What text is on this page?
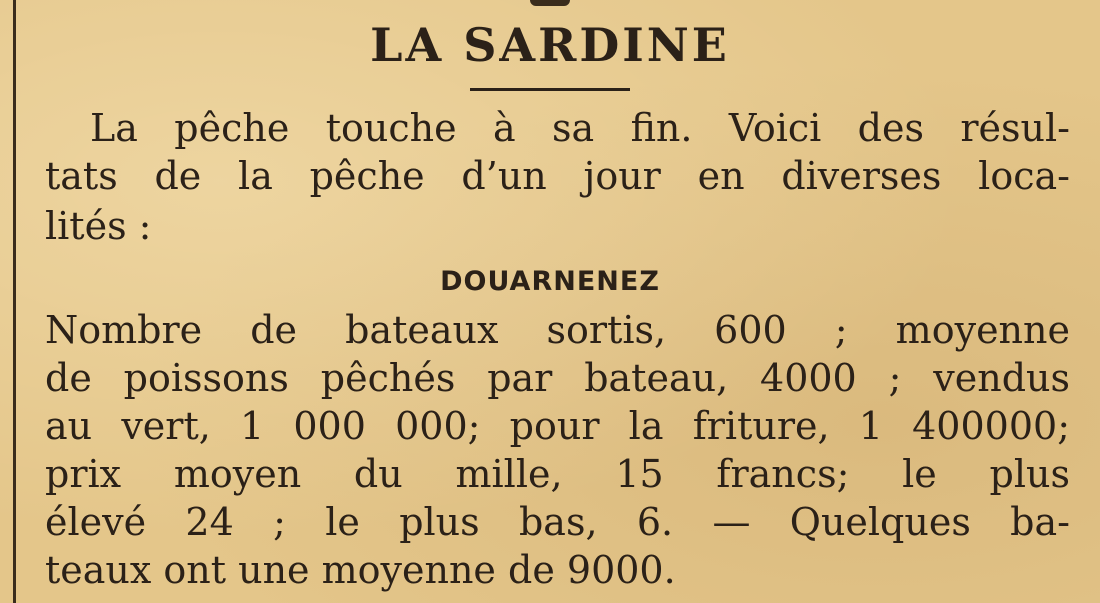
LA SARDINE

La pêche touche à sa fin. Voici des résul-

tats de la pêche d’un jour en diverses loca-

lités :

DOUARNENEZ

Nombre de bateaux sortis, 600 ; moyenne

de poissons pêchés par bateau, 4000 ; vendus

au vert, 1 000 000; pour la friture, 1 400000;

prix moyen du mille, 15 francs; le plus

élevé 24 ; le plus bas, 6. — Quelques ba-

teaux ont une moyenne de 9000.
